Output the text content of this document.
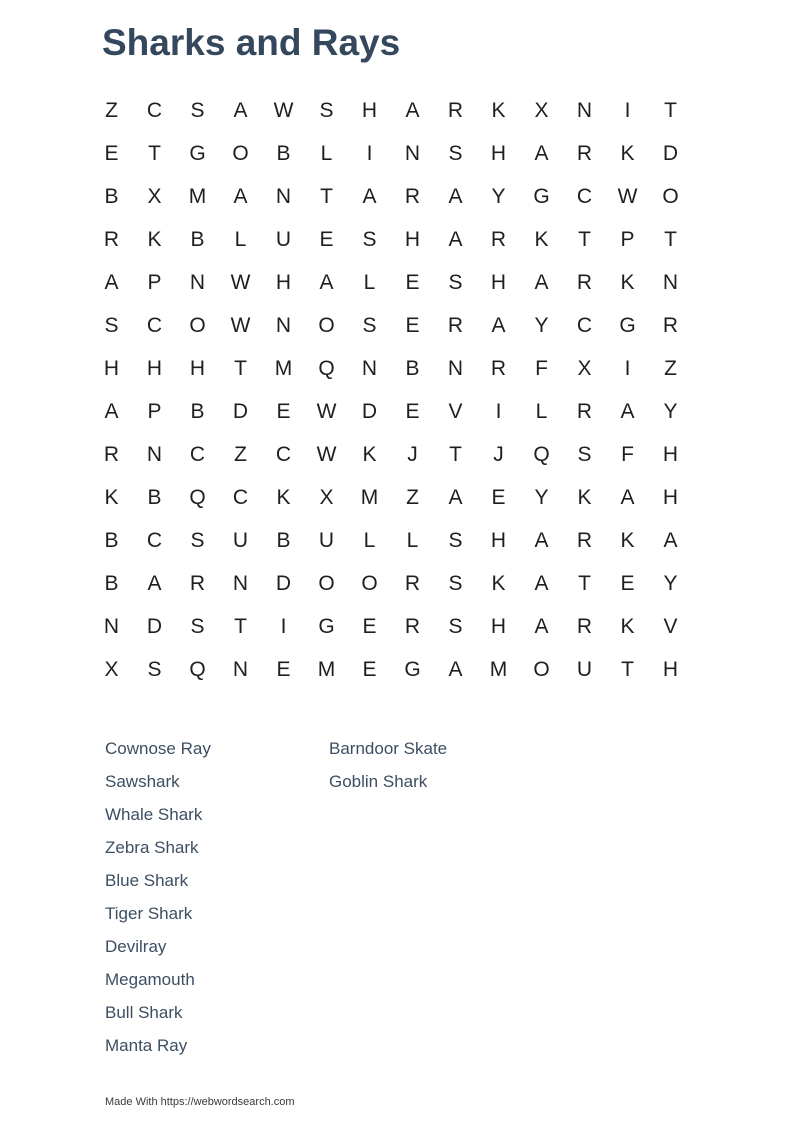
Sharks and Rays
Z	C	S	A	W	S	H	A	R	K	X	N	I	T
E	T	G	O	B	L	I	N	S	H	A	R	K	D
B	X	M	A	N	T	A	R	A	Y	G	C	W	O
R	K	B	L	U	E	S	H	A	R	K	T	P	T
A	P	N	W	H	A	L	E	S	H	A	R	K	N
S	C	O	W	N	O	S	E	R	A	Y	C	G	R
H	H	H	T	M	Q	N	B	N	R	F	X	I	Z
A	P	B	D	E	W	D	E	V	I	L	R	A	Y
R	N	C	Z	C	W	K	J	T	J	Q	S	F	H
K	B	Q	C	K	X	M	Z	A	E	Y	K	A	H
B	C	S	U	B	U	L	L	S	H	A	R	K	A
B	A	R	N	D	O	O	R	S	K	A	T	E	Y
N	D	S	T	I	G	E	R	S	H	A	R	K	V
X	S	Q	N	E	M	E	G	A	M	O	U	T	H
Cownose Ray
Sawshark
Whale Shark
Zebra Shark
Blue Shark
Tiger Shark
Devilray
Megamouth
Bull Shark
Manta Ray
Barndoor Skate
Goblin Shark
Made With https://webwordsearch.com
